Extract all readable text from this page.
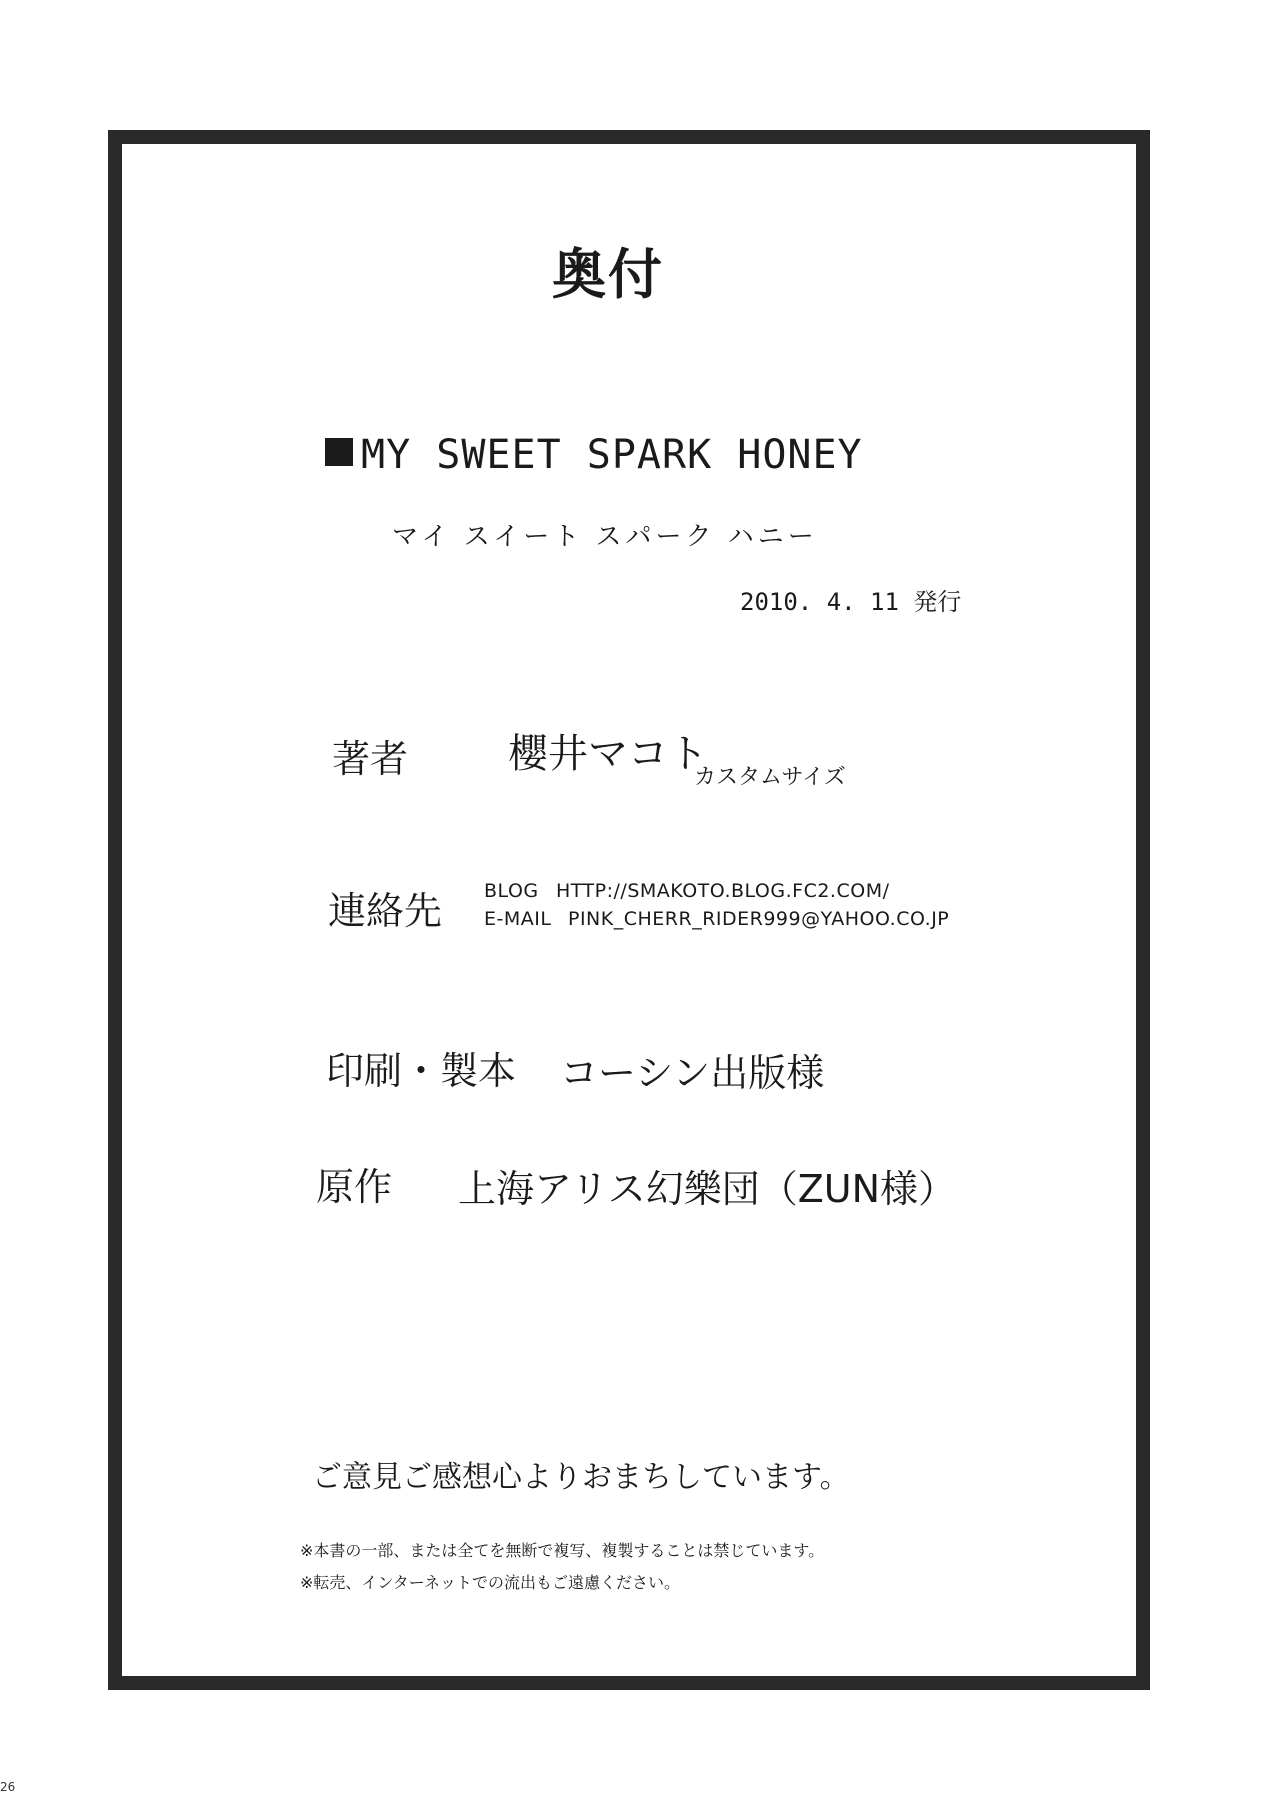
奥付
MY SWEET SPARK HONEY
マイ スイート スパーク ハニー
2010. 4. 11 発行
著者 櫻井マコト
カスタムサイズ
連絡先 BLOG HTTP://SMAKOTO.BLOG.FC2.COM/
E-MAIL PINK_CHERR_RIDER999@YAHOO.CO.JP
印刷・製本 コーシン出版様
原作 上海アリス幻樂団（ZUN様）
ご意見ご感想心よりおまちしています。
※本書の一部、または全てを無断で複写、複製することは禁じています。
※転売、インターネットでの流出もご遠慮ください。
26
